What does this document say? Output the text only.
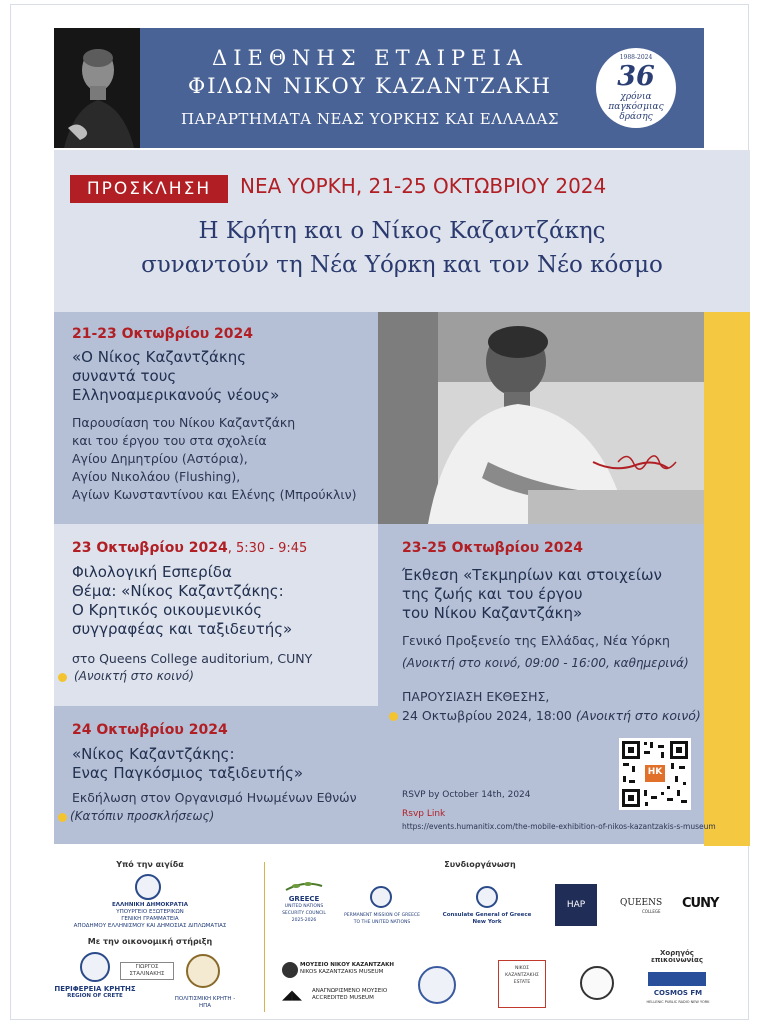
ΔΙΕΘΝΗΣ ΕΤΑΙΡΕΙΑ
ΦΙΛΩΝ ΝΙΚΟΥ ΚΑΖΑΝΤΖΑΚΗ
ΠΑΡΑΡΤΗΜΑΤΑ ΝΕΑΣ ΥΟΡΚΗΣ ΚΑΙ ΕΛΛΑΔΑΣ
1988-2024
36
χρόνια
παγκόσμιας
δράσης
ΠΡΟΣΚΛΗΣΗ	ΝΕΑ ΥΟΡΚΗ, 21-25 ΟΚΤΩΒΡΙΟΥ 2024
Η Κρήτη και ο Νίκος Καζαντζάκης
συναντούν τη Νέα Υόρκη και τον Νέο κόσμο
21-23 Οκτωβρίου 2024
«Ο Νίκος Καζαντζάκης
συναντά τους
Ελληνοαμερικανούς νέους»
Παρουσίαση του Νίκου Καζαντζάκη
και του έργου του στα σχολεία
Αγίου Δημητρίου (Αστόρια),
Αγίου Νικολάου (Flushing),
Αγίων Κωνσταντίνου και Ελένης (Μπρούκλιν)
23 Οκτωβρίου 2024, 5:30 - 9:45
Φιλολογική Εσπερίδα
Θέμα: «Νίκος Καζαντζάκης:
Ο Κρητικός οικουμενικός
συγγραφέας και ταξιδευτής»
στο Queens College auditorium, CUNY
(Ανοικτή στο κοινό)
24 Οκτωβρίου 2024
«Νίκος Καζαντζάκης:
Ενας Παγκόσμιος ταξιδευτής»
Εκδήλωση στον Οργανισμό Ηνωμένων Εθνών
(Κατόπιν προσκλήσεως)
23-25 Οκτωβρίου 2024
Έκθεση «Τεκμηρίων και στοιχείων
της ζωής και του έργου
του Νίκου Καζαντζάκη»
Γενικό Προξενείο της Ελλάδας, Νέα Υόρκη
(Ανοικτή στο κοινό, 09:00 - 16:00, καθημερινά)
ΠΑΡΟΥΣΙΑΣΗ ΕΚΘΕΣΗΣ,
24 Οκτωβρίου 2024, 18:00 (Ανοικτή στο κοινό)
HK
RSVP by October 14th, 2024
Rsvp Link
https://events.humanitix.com/the-mobile-exhibition-of-nikos-kazantzakis-s-museum
Υπό την αιγίδα
ΕΛΛΗΝΙΚΗ ΔΗΜΟΚΡΑΤΙΑ
ΥΠΟΥΡΓΕΙΟ ΕΞΩΤΕΡΙΚΩΝ
ΓΕΝΙΚΗ ΓΡΑΜΜΑΤΕΙΑ
ΑΠΟΔΗΜΟΥ ΕΛΛΗΝΙΣΜΟΥ ΚΑΙ ΔΗΜΟΣΙΑΣ ΔΙΠΛΩΜΑΤΙΑΣ
Με την οικονομική στήριξη
ΠΕΡΙΦΕΡΕΙΑ ΚΡΗΤΗΣ
REGION OF CRETE
ΓΙΩΡΓΟΣ
ΣΤΑΛΙΝΑΚΗΣ
ΠΟΛΙΤΙΣΜΙΚΗ ΚΡΗΤΗ - ΗΠΑ
Συνδιοργάνωση
GREECE
UNITED NATIONS
SECURITY COUNCIL
2025-2026
PERMANENT MISSION OF GREECE
TO THE UNITED NATIONS
Consulate General of Greece
New York
HAP	QUEENS
COLLEGE
CUNY
ΜΟΥΣΕΙΟ ΝΙΚΟΥ ΚΑΖΑΝΤΖΑΚΗ
NIKOS KAZANTZAKIS MUSEUM
◢◣ ΑΝΑΓΝΩΡΙΣΜΕΝΟ ΜΟΥΣΕΙΟ
ACCREDITED MUSEUM
ΝΙΚΟΣ
ΚΑΖΑΝΤΖΑΚΗΣ
ESTATE
Χορηγός
επικοινωνίας
COSMOS FM
HELLENIC PUBLIC RADIO NEW YORK
